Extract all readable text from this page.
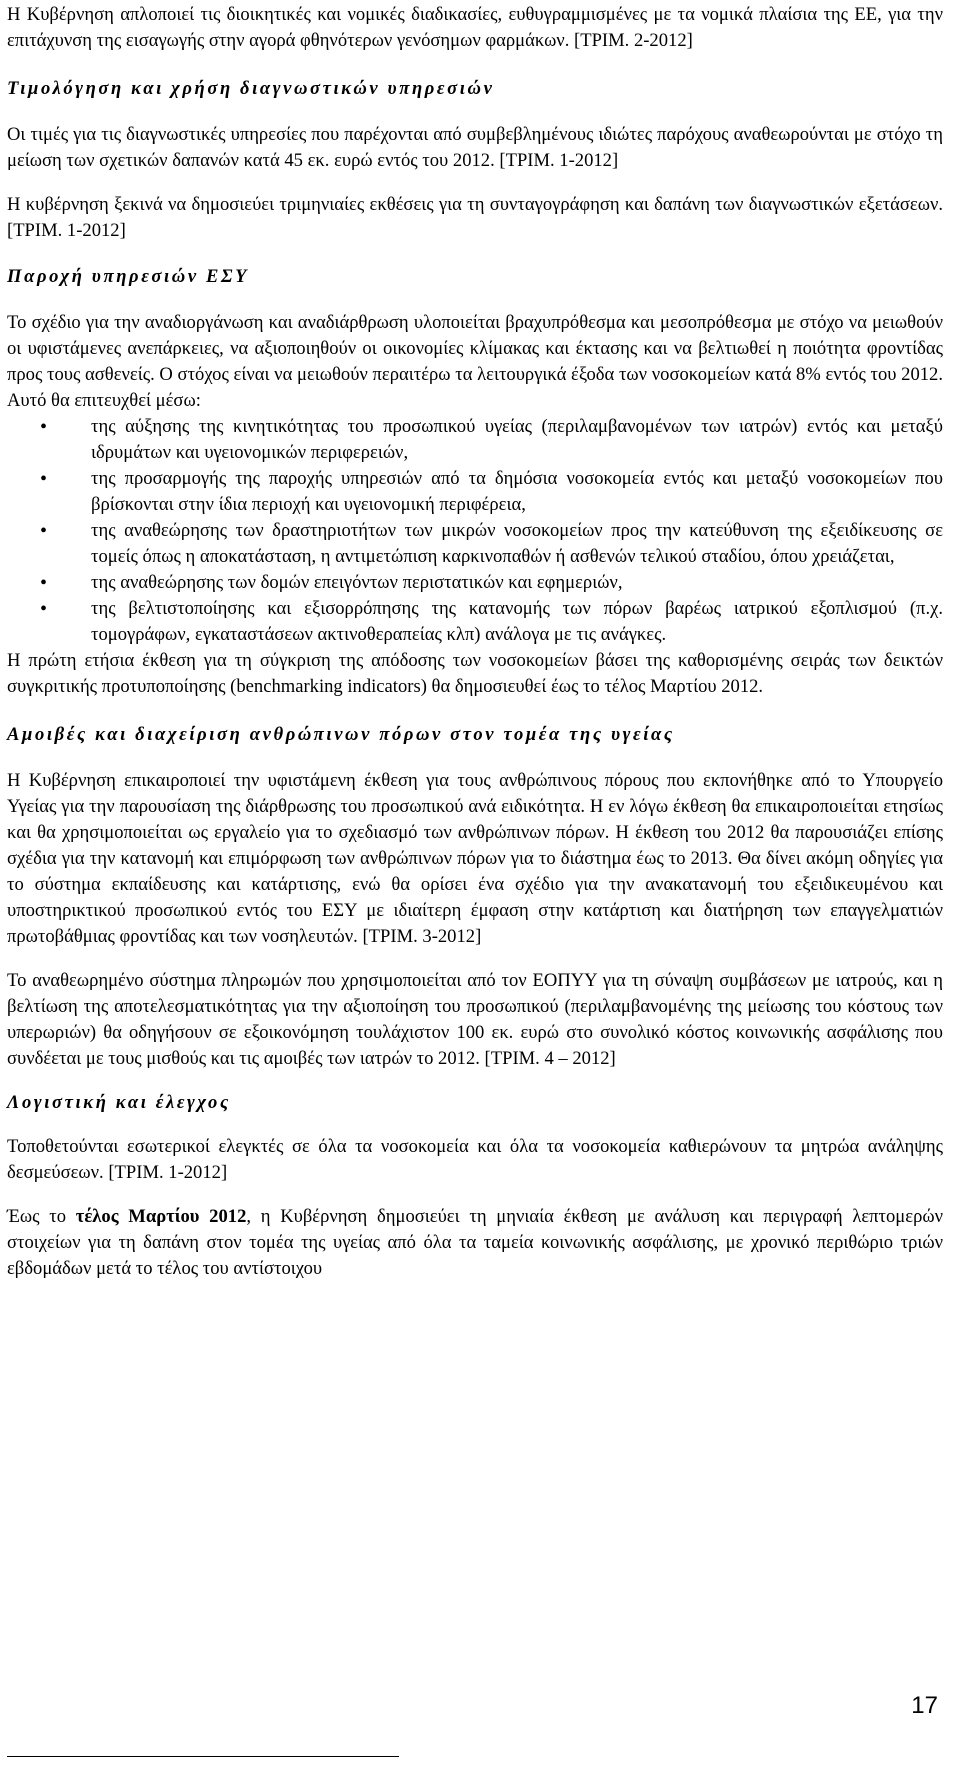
Η Κυβέρνηση απλοποιεί τις διοικητικές και νομικές διαδικασίες, ευθυγραμμισμένες με τα νομικά πλαίσια της ΕΕ, για την επιτάχυνση της εισαγωγής στην αγορά φθηνότερων γενόσημων φαρμάκων. [ΤΡΙΜ. 2-2012]

Τιμολόγηση και χρήση διαγνωστικών υπηρεσιών

Οι τιμές για τις διαγνωστικές υπηρεσίες που παρέχονται από συμβεβλημένους ιδιώτες παρόχους αναθεωρούνται με στόχο τη μείωση των σχετικών δαπανών κατά 45 εκ. ευρώ εντός του 2012. [ΤΡΙΜ. 1-2012]

Η κυβέρνηση ξεκινά να δημοσιεύει τριμηνιαίες εκθέσεις για τη συνταγογράφηση και δαπάνη των διαγνωστικών εξετάσεων. [ΤΡΙΜ. 1-2012]

Παροχή υπηρεσιών ΕΣΥ

Το σχέδιο για την αναδιοργάνωση και αναδιάρθρωση υλοποιείται βραχυπρόθεσμα και μεσοπρόθεσμα με στόχο να μειωθούν οι υφιστάμενες ανεπάρκειες, να αξιοποιηθούν οι οικονομίες κλίμακας και έκτασης και να βελτιωθεί η ποιότητα φροντίδας προς τους ασθενείς. Ο στόχος είναι να μειωθούν περαιτέρω τα λειτουργικά έξοδα των νοσοκομείων κατά 8% εντός του 2012. Αυτό θα επιτευχθεί μέσω:

• της αύξησης της κινητικότητας του προσωπικού υγείας (περιλαμβανομένων των ιατρών) εντός και μεταξύ ιδρυμάτων και υγειονομικών περιφερειών,
• της προσαρμογής της παροχής υπηρεσιών από τα δημόσια νοσοκομεία εντός και μεταξύ νοσοκομείων που βρίσκονται στην ίδια περιοχή και υγειονομική περιφέρεια,
• της αναθεώρησης των δραστηριοτήτων των μικρών νοσοκομείων προς την κατεύθυνση της εξειδίκευσης σε τομείς όπως η αποκατάσταση, η αντιμετώπιση καρκινοπαθών ή ασθενών τελικού σταδίου, όπου χρειάζεται,
• της αναθεώρησης των δομών επειγόντων περιστατικών και εφημεριών,
• της βελτιστοποίησης και εξισορρόπησης της κατανομής των πόρων βαρέως ιατρικού εξοπλισμού (π.χ. τομογράφων, εγκαταστάσεων ακτινοθεραπείας κλπ) ανάλογα με τις ανάγκες.

Η πρώτη ετήσια έκθεση για τη σύγκριση της απόδοσης των νοσοκομείων βάσει της καθορισμένης σειράς των δεικτών συγκριτικής προτυποποίησης (benchmarking indicators) θα δημοσιευθεί έως το τέλος Μαρτίου 2012.

Αμοιβές και διαχείριση ανθρώπινων πόρων στον τομέα της υγείας

Η Κυβέρνηση επικαιροποιεί την υφιστάμενη έκθεση για τους ανθρώπινους πόρους που εκπονήθηκε από το Υπουργείο Υγείας για την παρουσίαση της διάρθρωσης του προσωπικού ανά ειδικότητα. Η εν λόγω έκθεση θα επικαιροποιείται ετησίως και θα χρησιμοποιείται ως εργαλείο για το σχεδιασμό των ανθρώπινων πόρων. Η έκθεση του 2012 θα παρουσιάζει επίσης σχέδια για την κατανομή και επιμόρφωση των ανθρώπινων πόρων για το διάστημα έως το 2013. Θα δίνει ακόμη οδηγίες για το σύστημα εκπαίδευσης και κατάρτισης, ενώ θα ορίσει ένα σχέδιο για την ανακατανομή του εξειδικευμένου και υποστηρικτικού προσωπικού εντός του ΕΣΥ με ιδιαίτερη έμφαση στην κατάρτιση και διατήρηση των επαγγελματιών πρωτοβάθμιας φροντίδας και των νοσηλευτών. [ΤΡΙΜ. 3-2012]

Το αναθεωρημένο σύστημα πληρωμών που χρησιμοποιείται από τον ΕΟΠΥΥ για τη σύναψη συμβάσεων με ιατρούς, και η βελτίωση της αποτελεσματικότητας για την αξιοποίηση του προσωπικού (περιλαμβανομένης της μείωσης του κόστους των υπερωριών) θα οδηγήσουν σε εξοικονόμηση τουλάχιστον 100 εκ. ευρώ στο συνολικό κόστος κοινωνικής ασφάλισης που συνδέεται με τους μισθούς και τις αμοιβές των ιατρών το 2012. [ΤΡΙΜ. 4 – 2012]

Λογιστική και έλεγχος

Τοποθετούνται εσωτερικοί ελεγκτές σε όλα τα νοσοκομεία και όλα τα νοσοκομεία καθιερώνουν τα μητρώα ανάληψης δεσμεύσεων. [ΤΡΙΜ. 1-2012]

Έως το τέλος Μαρτίου 2012, η Κυβέρνηση δημοσιεύει τη μηνιαία έκθεση με ανάλυση και περιγραφή λεπτομερών στοιχείων για τη δαπάνη στον τομέα της υγείας από όλα τα ταμεία κοινωνικής ασφάλισης, με χρονικό περιθώριο τριών εβδομάδων μετά το τέλος του αντίστοιχου

17
